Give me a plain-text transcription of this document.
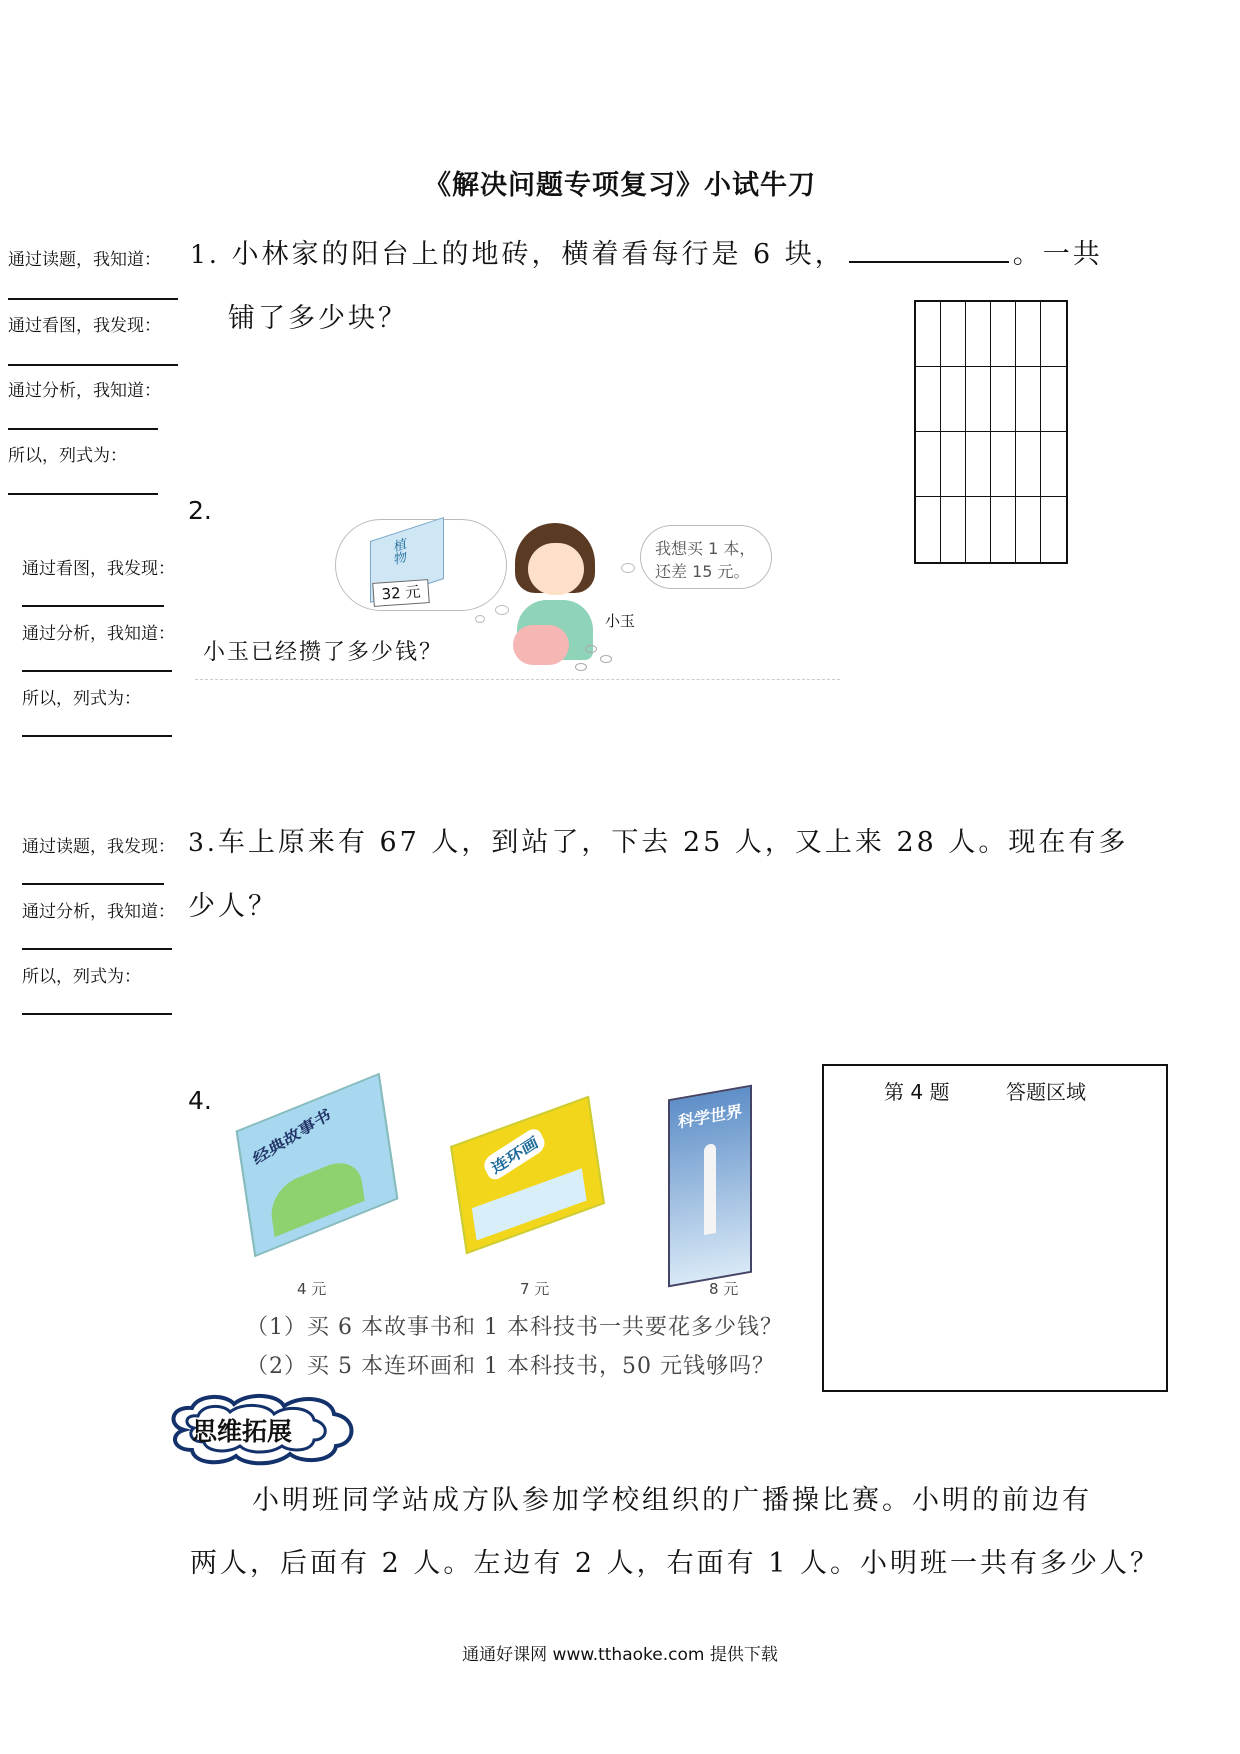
《解决问题专项复习》小试牛刀
通过读题，我知道：
通过看图，我发现：
通过分析，我知道：
所以，列式为：
1. 小林家的阳台上的地砖，横着看每行是 6 块，	。一共
铺了多少块？
通过看图，我发现：
通过分析，我知道：
所以，列式为：
2.
植物
32 元
小玉
我想买 1 本，
还差 15 元。
小玉已经攒了多少钱？
通过读题，我发现：
通过分析，我知道：
所以，列式为：
3.车上原来有 67 人，到站了，下去 25 人，又上来 28 人。现在有多
少人？
4.
经典故事书
4 元
连环画
7 元
科学世界
8 元
（1）买 6 本故事书和 1 本科技书一共要花多少钱？
（2）买 5 本连环画和 1 本科技书，50 元钱够吗？
第 4 题	答题区域
思维拓展
小明班同学站成方队参加学校组织的广播操比赛。小明的前边有
两人，后面有 2 人。左边有 2 人，右面有 1 人。小明班一共有多少人？
通通好课网 www.tthaoke.com 提供下载
